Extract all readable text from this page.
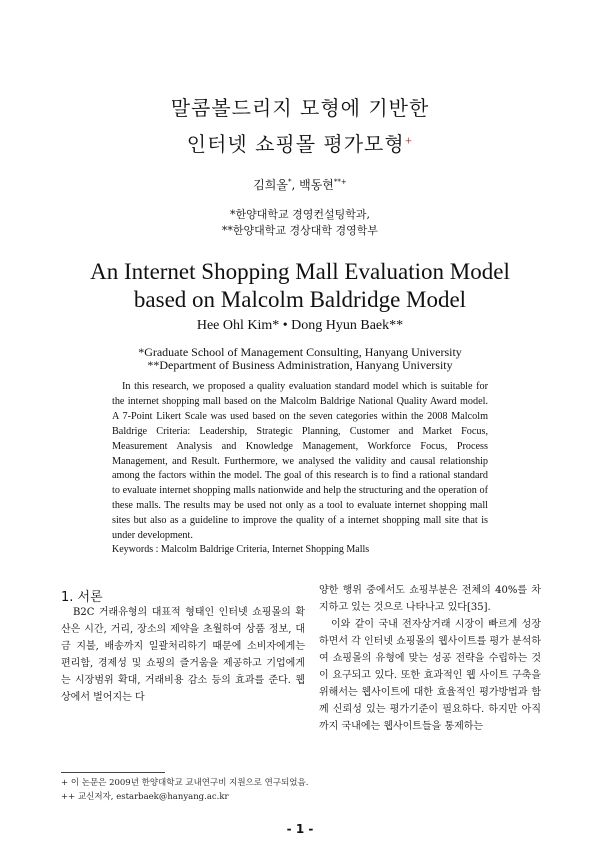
말콤볼드리지 모형에 기반한
인터넷 쇼핑몰 평가모형+
김희올*, 백동현**+
*한양대학교 경영컨설팅학과,
**한양대학교 경상대학 경영학부
An Internet Shopping Mall Evaluation Model
based on Malcolm Baldridge Model
Hee Ohl Kim* • Dong Hyun Baek**
*Graduate School of Management Consulting, Hanyang University
**Department of Business Administration, Hanyang University

In this research, we proposed a quality evaluation standard model which is suitable for the internet shopping mall based on the Malcolm Baldrige National Quality Award model. A 7-Point Likert Scale was used based on the seven categories within the 2008 Malcolm Baldrige Criteria: Leadership, Strategic Planning, Customer and Market Focus, Measurement Analysis and Knowledge Management, Workforce Focus, Process Management, and Result. Furthermore, we analysed the validity and causal relationship among the factors within the model. The goal of this research is to find a rational standard to evaluate internet shopping malls nationwide and help the structuring and the operation of these malls. The results may be used not only as a tool to evaluate internet shopping mall sites but also as a guideline to improve the quality of a internet shopping mall site that is under development.

Keywords : Malcolm Baldrige Criteria, Internet Shopping Malls
1. 서론

B2C 거래유형의 대표적 형태인 인터넷 쇼핑몰의 확산은 시간, 거리, 장소의 제약을 초월하여 상품 정보, 대금 지불, 배송까지 일괄처리하기 때문에 소비자에게는 편리함, 경제성 및 쇼핑의 즐거움을 제공하고 기업에게는 시장범위 확대, 거래비용 감소 등의 효과를 준다. 웹상에서 벌어지는 다

양한 행위 중에서도 쇼핑부분은 전체의 40%를 차지하고 있는 것으로 나타나고 있다[35].

이와 같이 국내 전자상거래 시장이 빠르게 성장하면서 각 인터넷 쇼핑몰의 웹사이트를 평가 분석하여 쇼핑몰의 유형에 맞는 성공 전략을 수립하는 것이 요구되고 있다. 또한 효과적인 웹 사이트 구축을 위해서는 웹사이트에 대한 효율적인 평가방법과 함께 신뢰성 있는 평가기준이 필요하다. 하지만 아직까지 국내에는 웹사이트들을 통제하는

+ 이 논문은 2009년 한양대학교 교내연구비 지원으로 연구되었음.
++ 교신저자, estarbaek@hanyang.ac.kr
- 1 -
